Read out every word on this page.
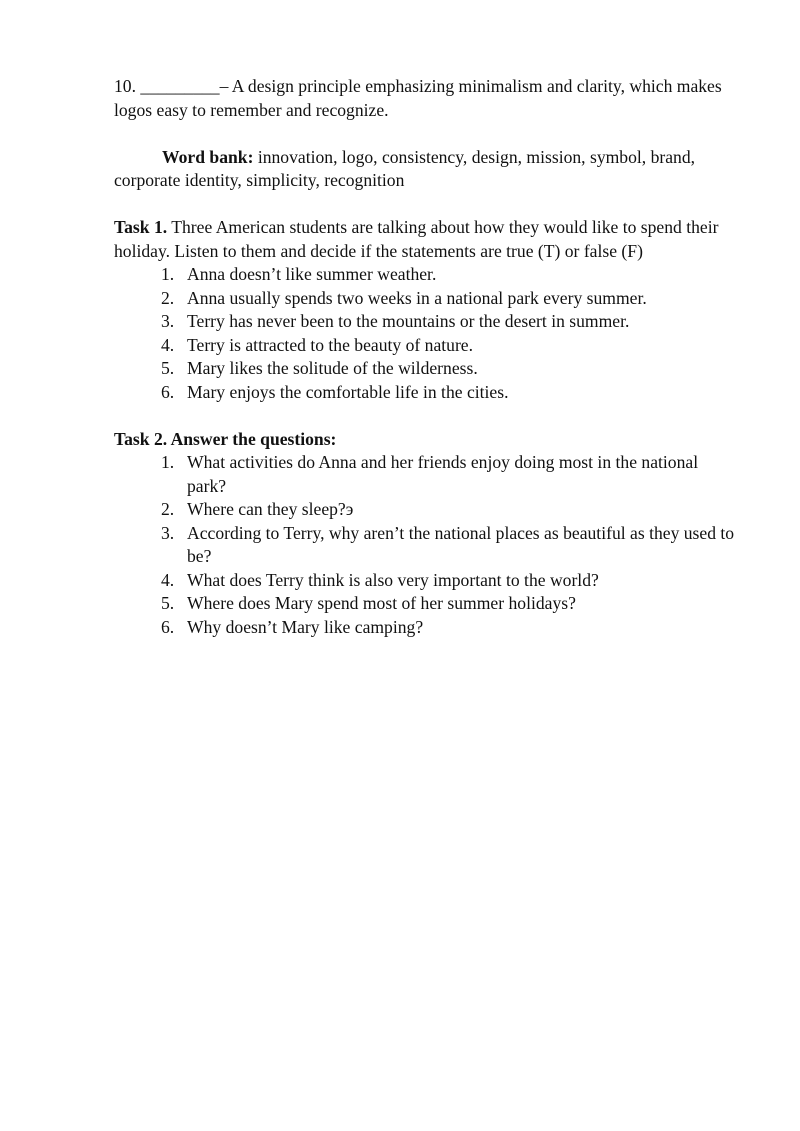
10. _________– A design principle emphasizing minimalism and clarity, which makes logos easy to remember and recognize.

Word bank: innovation, logo, consistency, design, mission, symbol, brand, corporate identity, simplicity, recognition

Task 1. Three American students are talking about how they would like to spend their holiday. Listen to them and decide if the statements are true (T) or false (F)

1. Anna doesn’t like summer weather.
2. Anna usually spends two weeks in a national park every summer.
3. Terry has never been to the mountains or the desert in summer.
4. Terry is attracted to the beauty of nature.
5. Mary likes the solitude of the wilderness.
6. Mary enjoys the comfortable life in the cities.

Task 2. Answer the questions:

1. What activities do Anna and her friends enjoy doing most in the national park?
2. Where can they sleep?э
3. According to Terry, why aren’t the national places as beautiful as they used to be?
4. What does Terry think is also very important to the world?
5. Where does Mary spend most of her summer holidays?
6. Why doesn’t Mary like camping?
